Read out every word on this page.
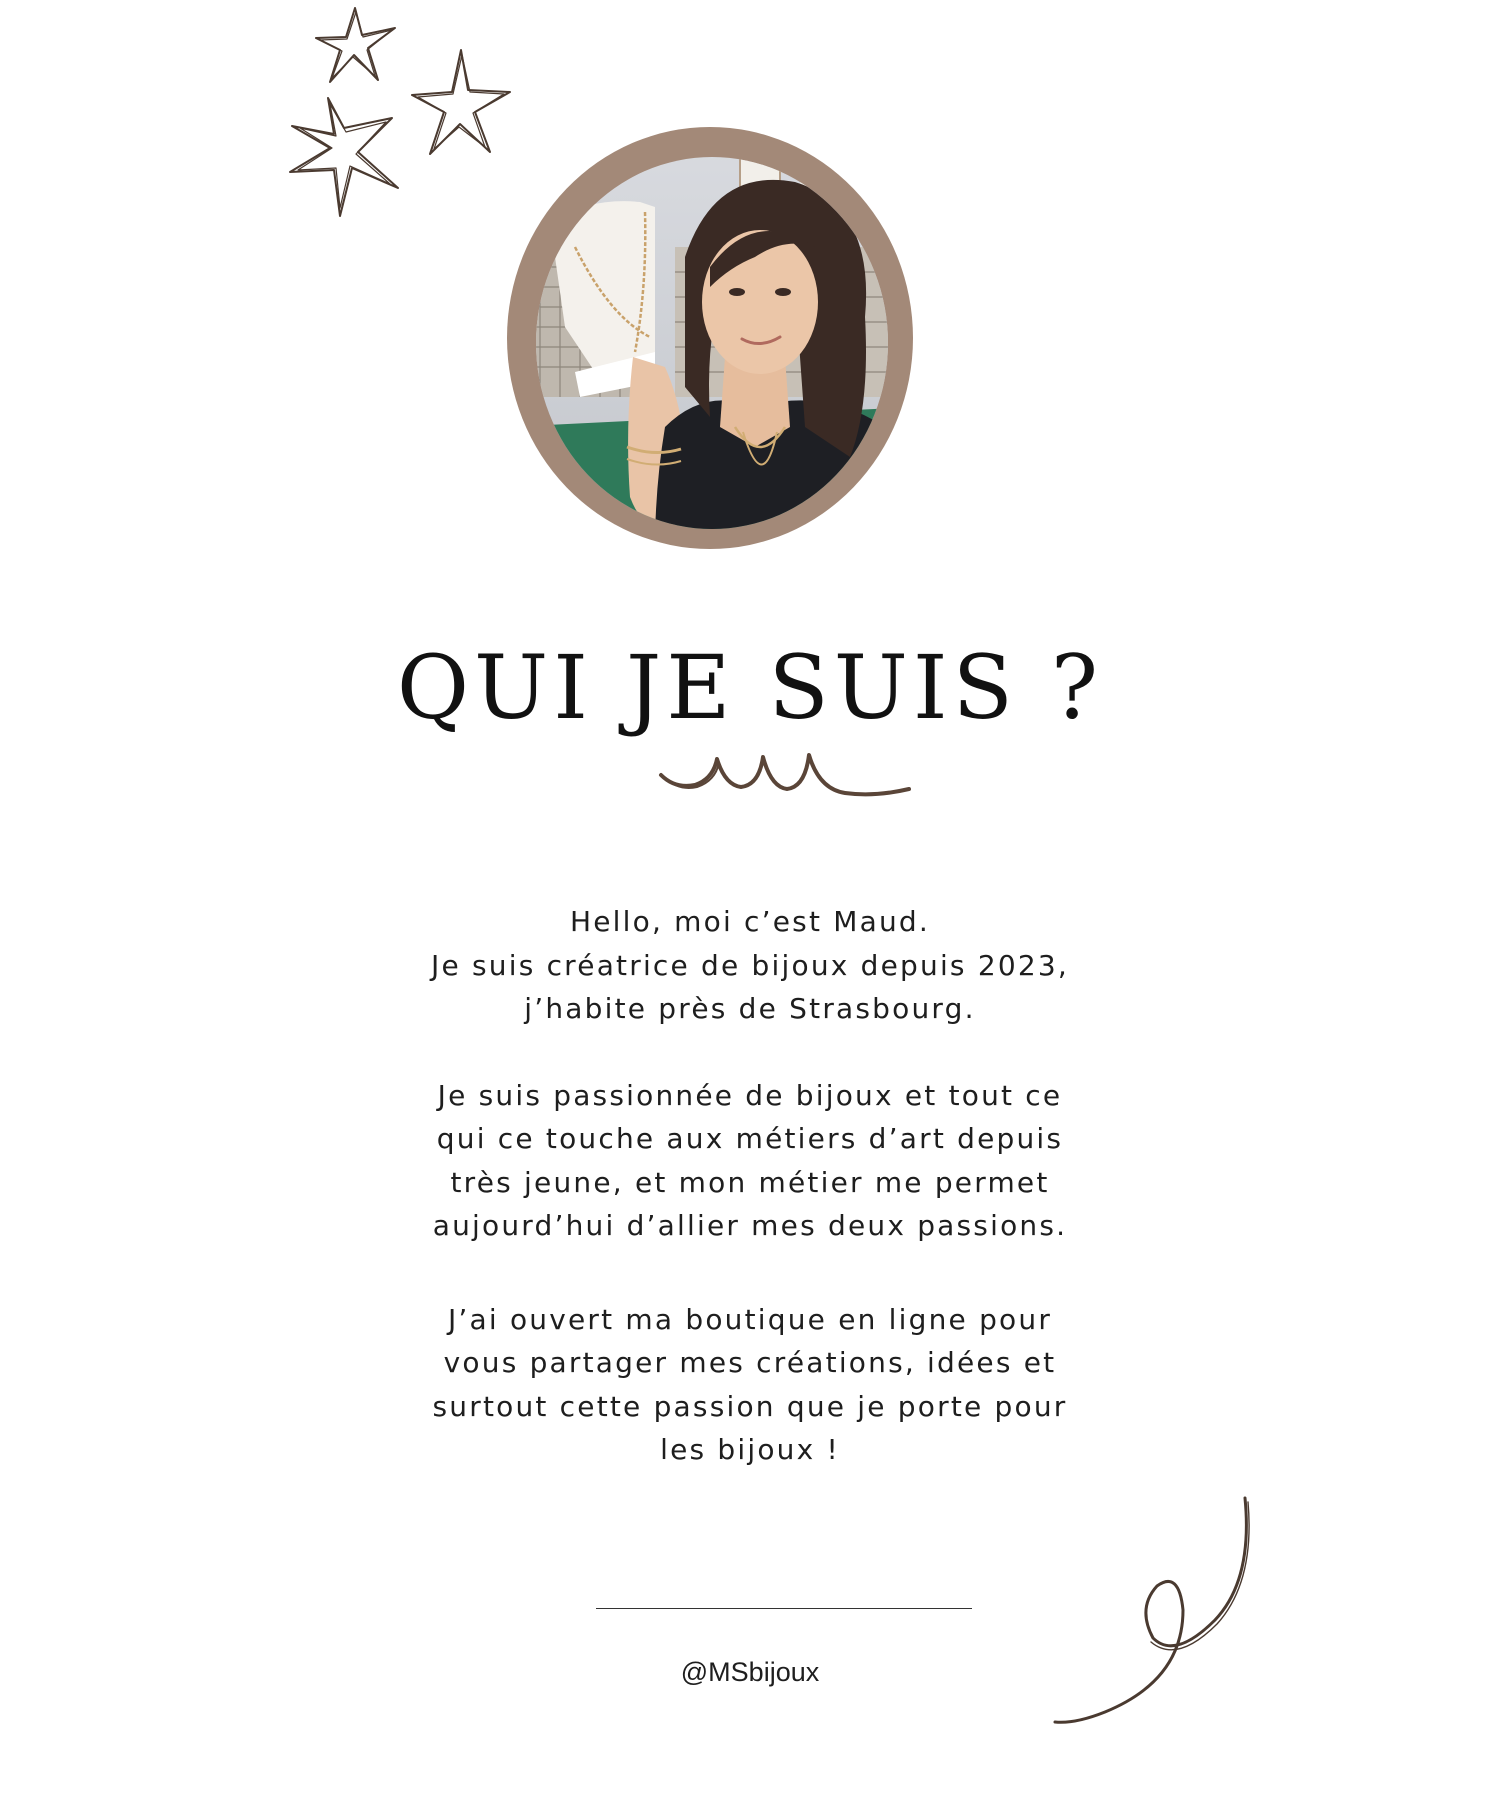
QUI JE SUIS ?

Hello, moi c’est Maud.

Je suis créatrice de bijoux depuis 2023,

j’habite près de Strasbourg.

Je suis passionnée de bijoux et tout ce

qui ce touche aux métiers d’art depuis

très jeune, et mon métier me permet

aujourd’hui d’allier mes deux passions.

J’ai ouvert ma boutique en ligne pour

vous partager mes créations, idées et

surtout cette passion que je porte pour

les bijoux !

@MSbijoux
